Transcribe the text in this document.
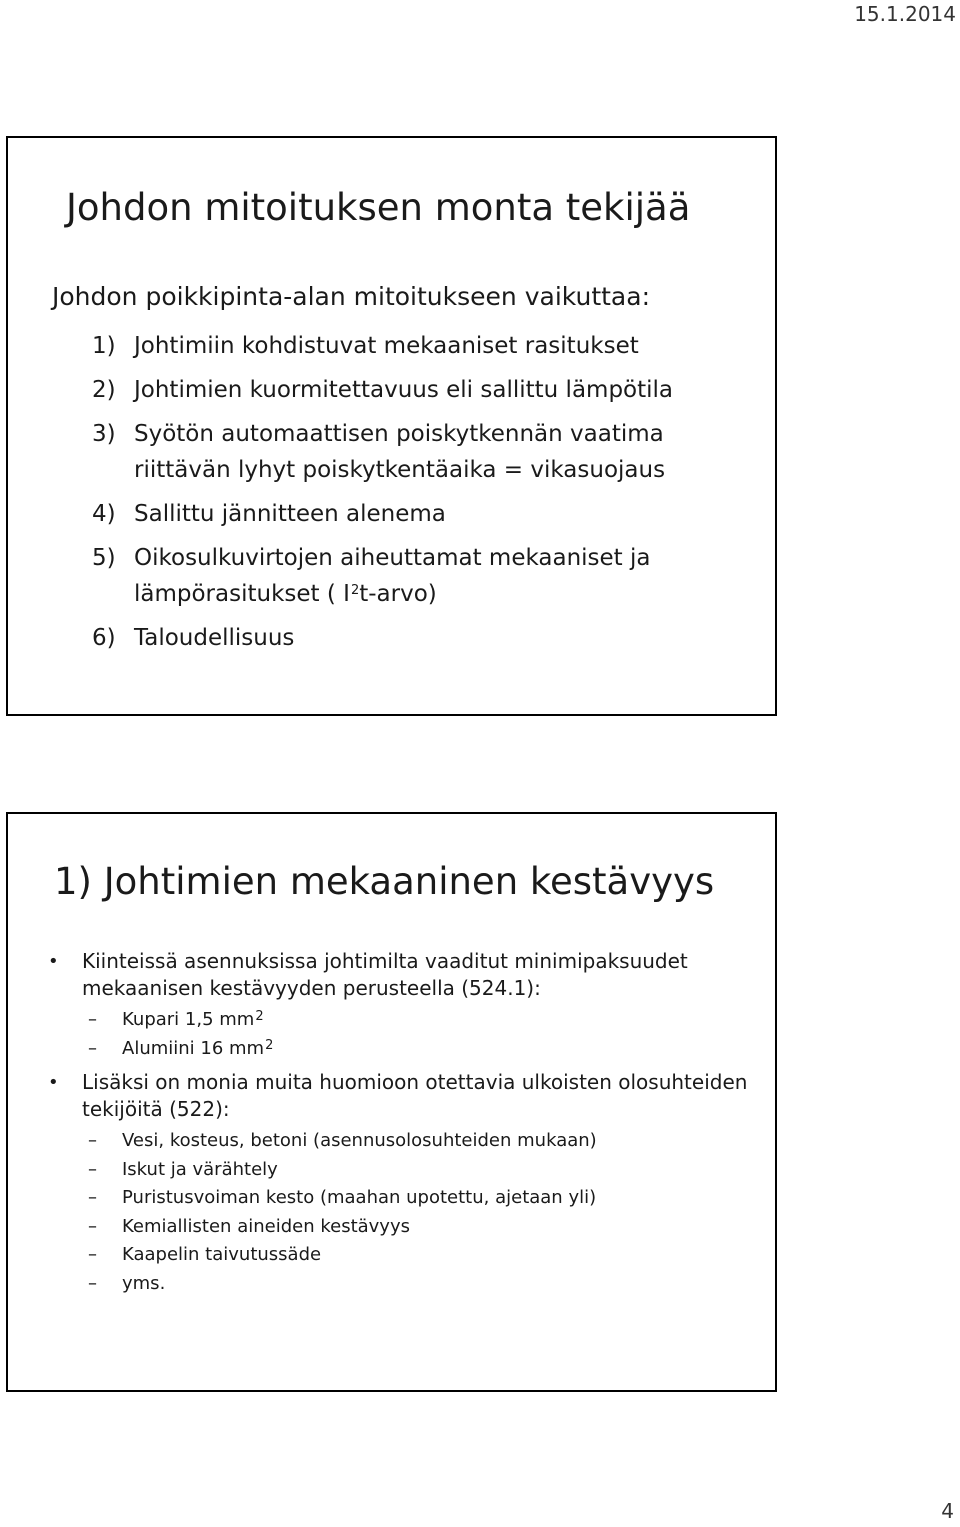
15.1.2014
Johdon mitoituksen monta tekijää

Johdon poikkipinta-alan mitoitukseen vaikuttaa:

1) Johtimiin kohdistuvat mekaaniset rasitukset
2) Johtimien kuormitettavuus eli sallittu lämpötila
3) Syötön automaattisen poiskytkennän vaatima riittävän lyhyt poiskytkentäaika = vikasuojaus
4) Sallittu jännitteen alenema
5) Oikosulkuvirtojen aiheuttamat mekaaniset ja lämpörasitukset ( $I^2t-arvo$)
6) Taloudellisuus
1) Johtimien mekaaninen kestävyys
•	Kiinteissä asennuksissa johtimilta vaaditut minimipaksuudet mekaanisen kestävyyden perusteella (524.1):
–	Kupari 1,5 $mm^2$
–	Alumiini 16 $mm^2$
•	Lisäksi on monia muita huomioon otettavia ulkoisten olosuhteiden tekijöitä (522):
–	Vesi, kosteus, betoni (asennusolosuhteiden mukaan)
–	Iskut ja värähtely
–	Puristusvoiman kesto (maahan upotettu, ajetaan yli)
–	Kemiallisten aineiden kestävyys
–	Kaapelin taivutussäde
–	yms.
4
